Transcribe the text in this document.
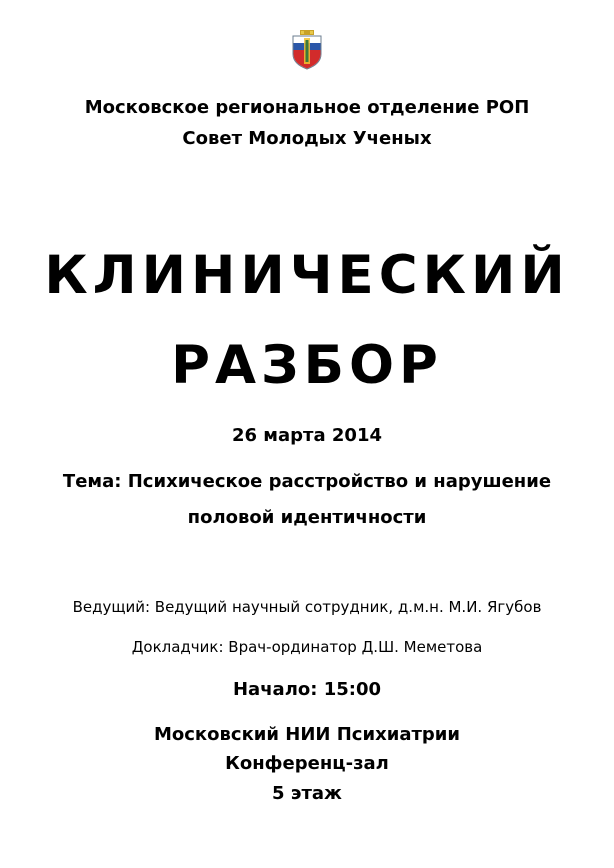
Московское региональное отделение РОП
Совет Молодых Ученых
КЛИНИЧЕСКИЙ
РАЗБОР
26 марта 2014
Тема: Психическое расстройство и нарушение
половой идентичности
Ведущий: Ведущий научный сотрудник, д.м.н. М.И. Ягубов
Докладчик: Врач-ординатор Д.Ш. Меметова
Начало: 15:00
Московский НИИ Психиатрии
Конференц-зал
5 этаж
